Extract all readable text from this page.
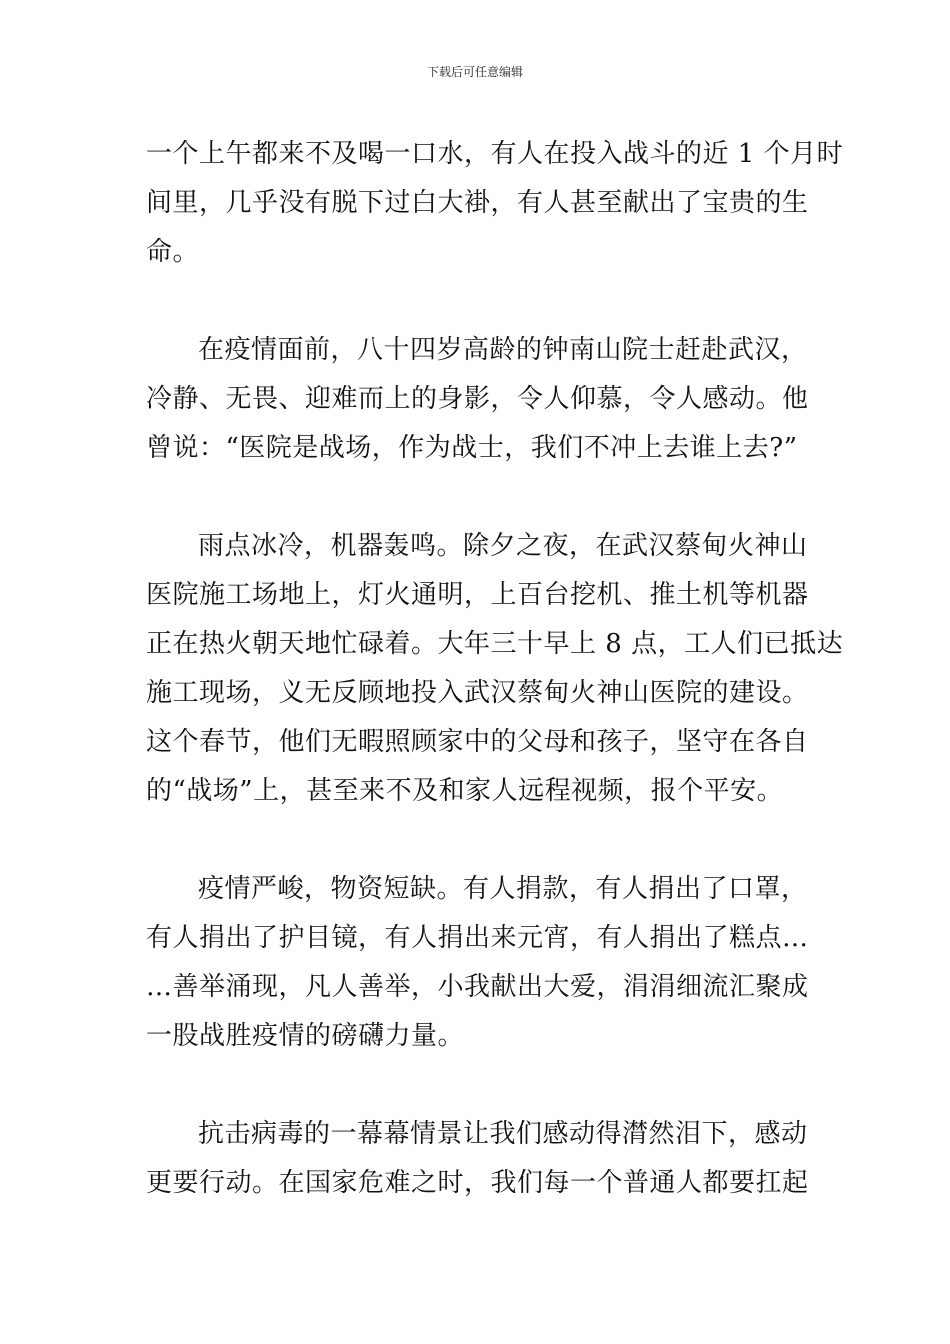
下载后可任意编辑
一个上午都来不及喝一口水，有人在投入战斗的近 1 个月时
间里，几乎没有脱下过白大褂，有人甚至献出了宝贵的生
命。
在疫情面前，八十四岁高龄的钟南山院士赶赴武汉，
冷静、无畏、迎难而上的身影，令人仰慕，令人感动。他
曾说：“医院是战场，作为战士，我们不冲上去谁上去?”
雨点冰冷，机器轰鸣。除夕之夜，在武汉蔡甸火神山
医院施工场地上，灯火通明，上百台挖机、推土机等机器
正在热火朝天地忙碌着。大年三十早上 8 点，工人们已抵达
施工现场，义无反顾地投入武汉蔡甸火神山医院的建设。
这个春节，他们无暇照顾家中的父母和孩子，坚守在各自
的“战场”上，甚至来不及和家人远程视频，报个平安。
疫情严峻，物资短缺。有人捐款，有人捐出了口罩，
有人捐出了护目镜，有人捐出来元宵，有人捐出了糕点…
…善举涌现，凡人善举，小我献出大爱，涓涓细流汇聚成
一股战胜疫情的磅礴力量。
抗击病毒的一幕幕情景让我们感动得潸然泪下，感动
更要行动。在国家危难之时，我们每一个普通人都要扛起
